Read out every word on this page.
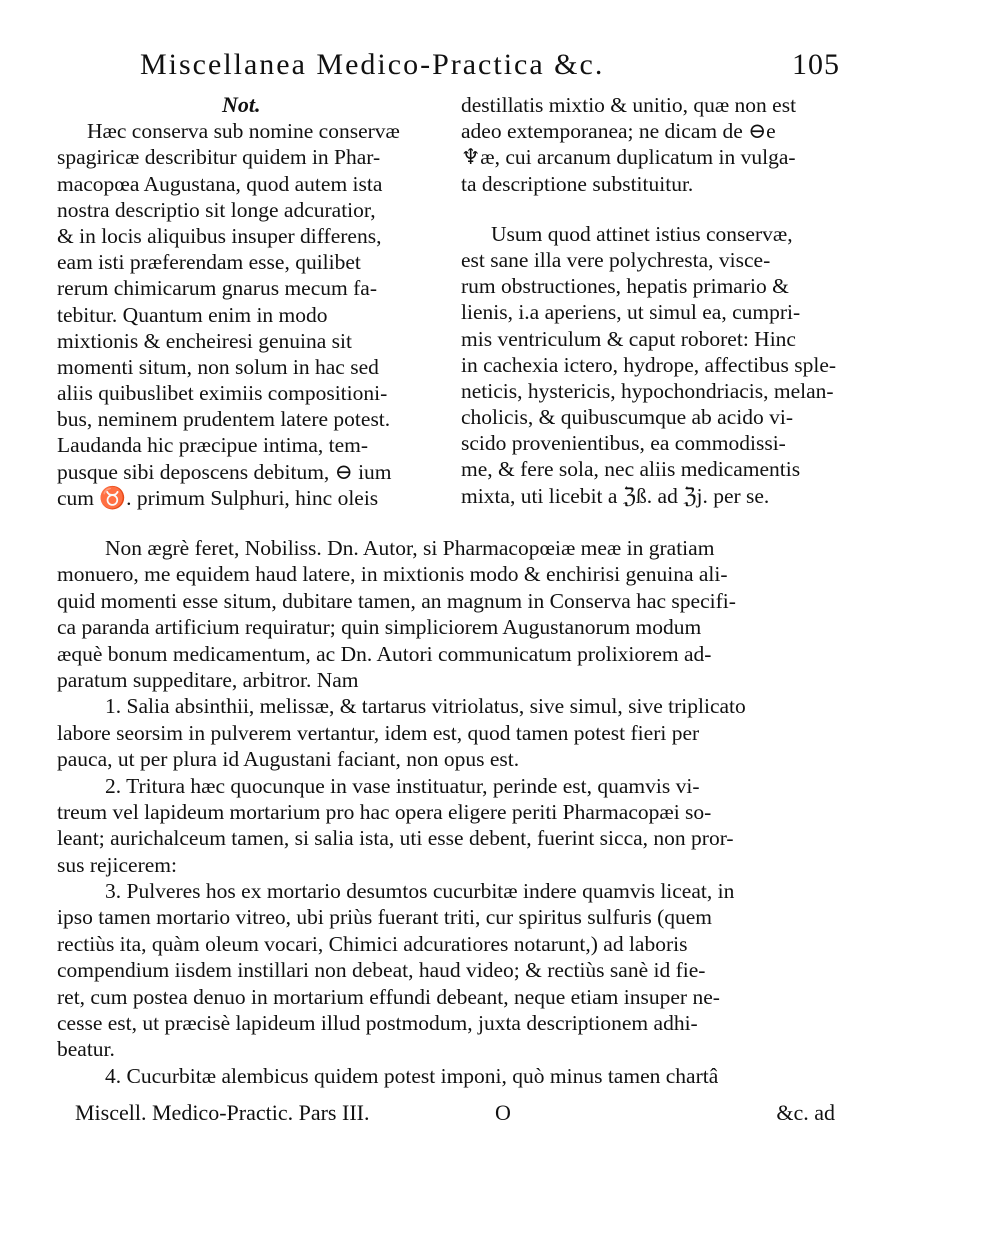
Miscellanea Medico-Practica &c.	105
Not.
Hæc conserva sub nomine conservæ
spagiricæ describitur quidem in Phar-
macopœa Augustana, quod autem ista
nostra descriptio sit longe adcuratior,
& in locis aliquibus insuper differens,
eam isti præferendam esse, quilibet
rerum chimicarum gnarus mecum fa-
tebitur. Quantum enim in modo
mixtionis & encheiresi genuina sit
momenti situm, non solum in hac sed
aliis quibuslibet eximiis compositioni-
bus, neminem prudentem latere potest.
Laudanda hic præcipue intima, tem-
pusque sibi deposcens debitum, ⊖ ium
cum ♉. primum Sulphuri, hinc oleis
destillatis mixtio & unitio, quæ non est
adeo extemporanea; ne dicam de ⊖e
♆æ, cui arcanum duplicatum in vulga-
ta descriptione substituitur.
Usum quod attinet istius conservæ,
est sane illa vere polychresta, visce-
rum obstructiones, hepatis primario &
lienis, i.a aperiens, ut simul ea, cumpri-
mis ventriculum & caput roboret: Hinc
in cachexia ictero, hydrope, affectibus sple-
neticis, hystericis, hypochondriacis, melan-
cholicis, & quibuscumque ab acido vi-
scido provenientibus, ea commodissi-
me, & fere sola, nec aliis medicamentis
mixta, uti licebit a ℨß. ad ℨj. per se.
Non ægrè feret, Nobiliss. Dn. Autor, si Pharmacopœiæ meæ in gratiam
monuero, me equidem haud latere, in mixtionis modo & enchirisi genuina ali-
quid momenti esse situm, dubitare tamen, an magnum in Conserva hac specifi-
ca paranda artificium requiratur; quin simpliciorem Augustanorum modum
æquè bonum medicamentum, ac Dn. Autori communicatum prolixiorem ad-
paratum suppeditare, arbitror. Nam
1. Salia absinthii, melissæ, & tartarus vitriolatus, sive simul, sive triplicato
labore seorsim in pulverem vertantur, idem est, quod tamen potest fieri per
pauca, ut per plura id Augustani faciant, non opus est.
2. Tritura hæc quocunque in vase instituatur, perinde est, quamvis vi-
treum vel lapideum mortarium pro hac opera eligere periti Pharmacopæi so-
leant; aurichalceum tamen, si salia ista, uti esse debent, fuerint sicca, non pror-
sus rejicerem:
3. Pulveres hos ex mortario desumtos cucurbitæ indere quamvis liceat, in
ipso tamen mortario vitreo, ubi priùs fuerant triti, cur spiritus sulfuris (quem
rectiùs ita, quàm oleum vocari, Chimici adcuratiores notarunt,) ad laboris
compendium iisdem instillari non debeat, haud video; & rectiùs sanè id fie-
ret, cum postea denuo in mortarium effundi debeant, neque etiam insuper ne-
cesse est, ut præcisè lapideum illud postmodum, juxta descriptionem adhi-
beatur.
4. Cucurbitæ alembicus quidem potest imponi, quò minus tamen chartâ
Miscell. Medico-Practic. Pars III.	O	&c. ad
